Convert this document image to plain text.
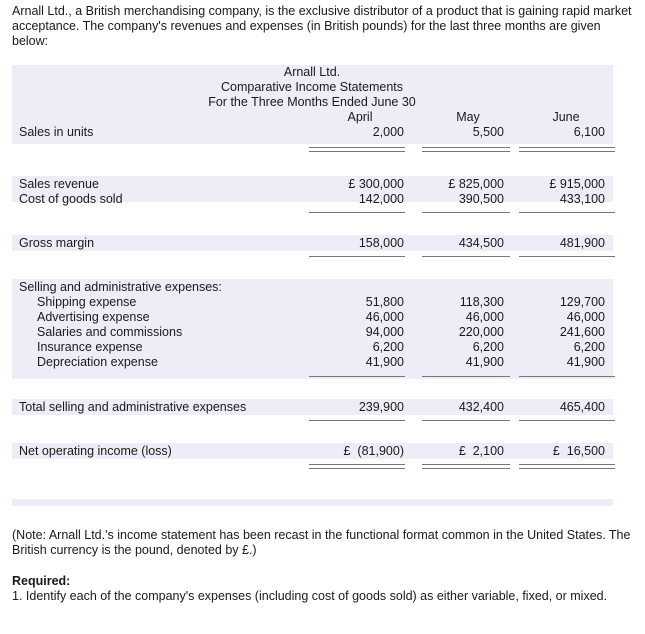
Arnall Ltd., a British merchandising company, is the exclusive distributor of a product that is gaining rapid market acceptance. The company's revenues and expenses (in British pounds) for the last three months are given below:
Arnall Ltd.
Comparative Income Statements
For the Three Months Ended June 30
April	May	June
Sales in units	2,000	5,500	6,100
Sales revenue	£ 300,000	£ 825,000	£ 915,000
Cost of goods sold	142,000	390,500	433,100
Gross margin	158,000	434,500	481,900
Selling and administrative expenses:
Shipping expense	51,800	118,300	129,700
Advertising expense	46,000	46,000	46,000
Salaries and commissions	94,000	220,000	241,600
Insurance expense	6,200	6,200	6,200
Depreciation expense	41,900	41,900	41,900
Total selling and administrative expenses	239,900	432,400	465,400
Net operating income (loss)	£  (81,900)	£  2,100	£  16,500
(Note: Arnall Ltd.'s income statement has been recast in the functional format common in the United States. The British currency is the pound, denoted by £.)
Required:
1. Identify each of the company's expenses (including cost of goods sold) as either variable, fixed, or mixed.
